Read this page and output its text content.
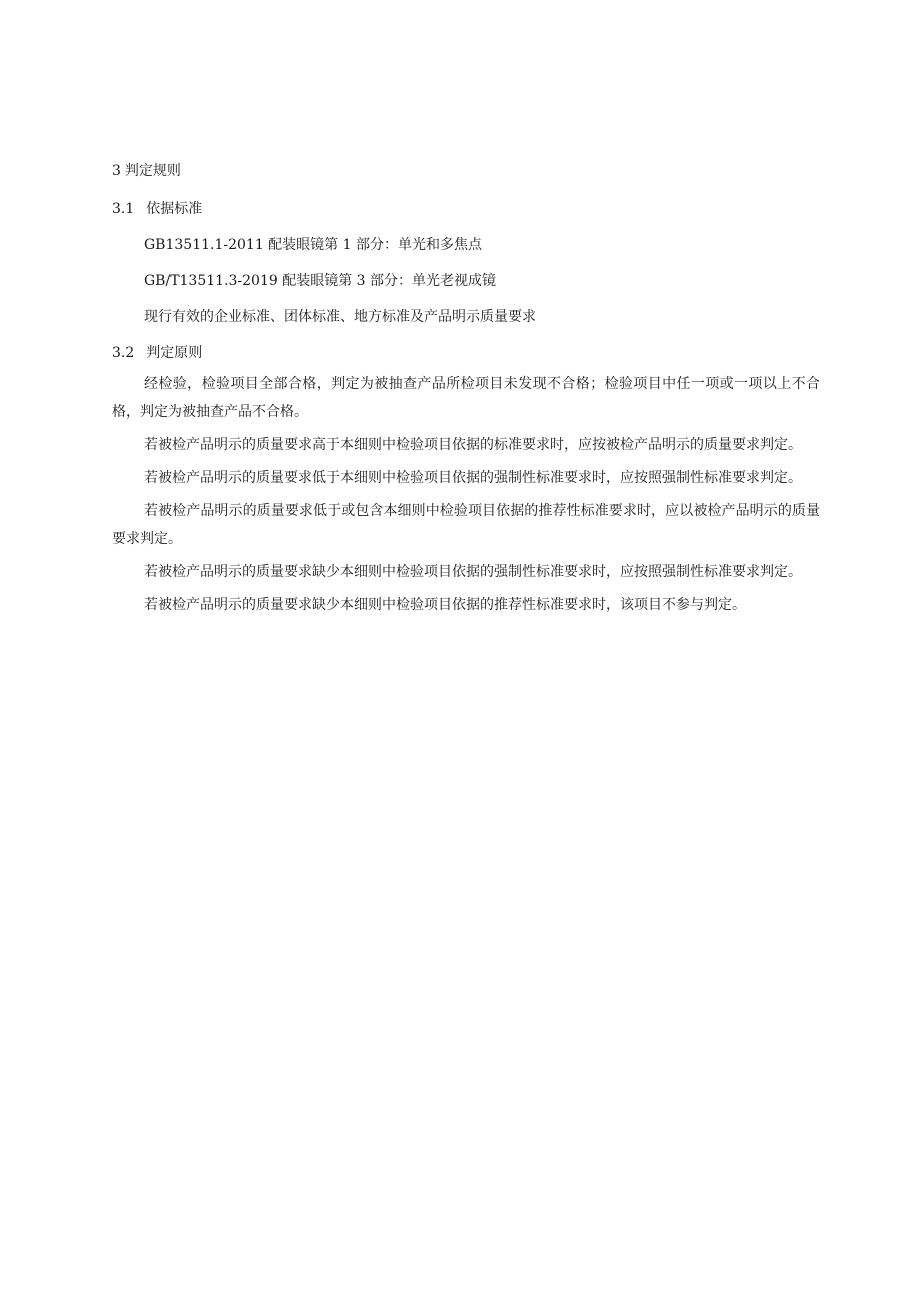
3 判定规则

3.1 依据标准

GB13511.1-2011 配装眼镜第 1 部分：单光和多焦点

GB/T13511.3-2019 配装眼镜第 3 部分：单光老视成镜

现行有效的企业标准、团体标准、地方标准及产品明示质量要求

3.2 判定原则

经检验，检验项目全部合格，判定为被抽查产品所检项目未发现不合格；检验项目中任一项或一项以上不合格，判定为被抽查产品不合格。

若被检产品明示的质量要求高于本细则中检验项目依据的标准要求时，应按被检产品明示的质量要求判定。

若被检产品明示的质量要求低于本细则中检验项目依据的强制性标准要求时，应按照强制性标准要求判定。

若被检产品明示的质量要求低于或包含本细则中检验项目依据的推荐性标准要求时，应以被检产品明示的质量要求判定。

若被检产品明示的质量要求缺少本细则中检验项目依据的强制性标准要求时，应按照强制性标准要求判定。

若被检产品明示的质量要求缺少本细则中检验项目依据的推荐性标准要求时，该项目不参与判定。
